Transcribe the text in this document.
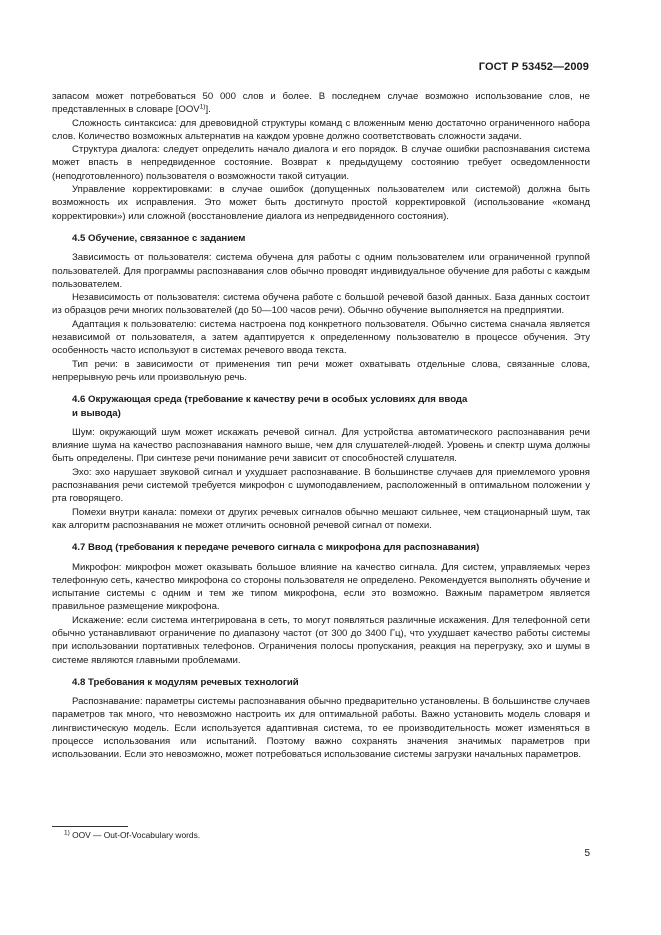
ГОСТ Р 53452—2009

запасом может потребоваться 50 000 слов и более. В последнем случае возможно использование слов, не представленных в словаре [OOV$^{1)}$].

Сложность синтаксиса: для древовидной структуры команд с вложенным меню достаточно ограниченного набора слов. Количество возможных альтернатив на каждом уровне должно соответствовать сложности задачи.

Структура диалога: следует определить начало диалога и его порядок. В случае ошибки распознавания система может впасть в непредвиденное состояние. Возврат к предыдущему состоянию требует осведомленности (неподготовленного) пользователя о возможности такой ситуации.

Управление корректировками: в случае ошибок (допущенных пользователем или системой) должна быть возможность их исправления. Это может быть достигнуто простой корректировкой (использование «команд корректировки») или сложной (восстановление диалога из непредвиденного состояния).

4.5 Обучение, связанное с заданием

Зависимость от пользователя: система обучена для работы с одним пользователем или ограниченной группой пользователей. Для программы распознавания слов обычно проводят индивидуальное обучение для работы с каждым пользователем.

Независимость от пользователя: система обучена работе с большой речевой базой данных. База данных состоит из образцов речи многих пользователей (до 50—100 часов речи). Обычно обучение выполняется на предприятии.

Адаптация к пользователю: система настроена под конкретного пользователя. Обычно система сначала является независимой от пользователя, а затем адаптируется к определенному пользователю в процессе обучения. Эту особенность часто используют в системах речевого ввода текста.

Тип речи: в зависимости от применения тип речи может охватывать отдельные слова, связанные слова, непрерывную речь или произвольную речь.

4.6 Окружающая среда (требование к качеству речи в особых условиях для ввода
и вывода)

Шум: окружающий шум может искажать речевой сигнал. Для устройства автоматического распознавания речи влияние шума на качество распознавания намного выше, чем для слушателей-людей. Уровень и спектр шума должны быть определены. При синтезе речи понимание речи зависит от способностей слушателя.

Эхо: эхо нарушает звуковой сигнал и ухудшает распознавание. В большинстве случаев для приемлемого уровня распознавания речи системой требуется микрофон с шумоподавлением, расположенный в оптимальном положении у рта говорящего.

Помехи внутри канала: помехи от других речевых сигналов обычно мешают сильнее, чем стационарный шум, так как алгоритм распознавания не может отличить основной речевой сигнал от помехи.

4.7 Ввод (требования к передаче речевого сигнала с микрофона для распознавания)

Микрофон: микрофон может оказывать большое влияние на качество сигнала. Для систем, управляемых через телефонную сеть, качество микрофона со стороны пользователя не определено. Рекомендуется выполнять обучение и испытание системы с одним и тем же типом микрофона, если это возможно. Важным параметром является правильное размещение микрофона.

Искажение: если система интегрирована в сеть, то могут появляться различные искажения. Для телефонной сети обычно устанавливают ограничение по диапазону частот (от 300 до 3400 Гц), что ухудшает качество работы системы при использовании портативных телефонов. Ограничения полосы пропускания, реакция на перегрузку, эхо и шумы в системе являются главными проблемами.

4.8 Требования к модулям речевых технологий

Распознавание: параметры системы распознавания обычно предварительно установлены. В большинстве случаев параметров так много, что невозможно настроить их для оптимальной работы. Важно установить модель словаря и лингвистическую модель. Если используется адаптивная система, то ее производительность может изменяться в процессе использования или испытаний. Поэтому важно сохранять значения значимых параметров при использовании. Если это невозможно, может потребоваться использование системы загрузки начальных параметров.

$^{1)}$ OOV — Out-Of-Vocabulary words.
5
